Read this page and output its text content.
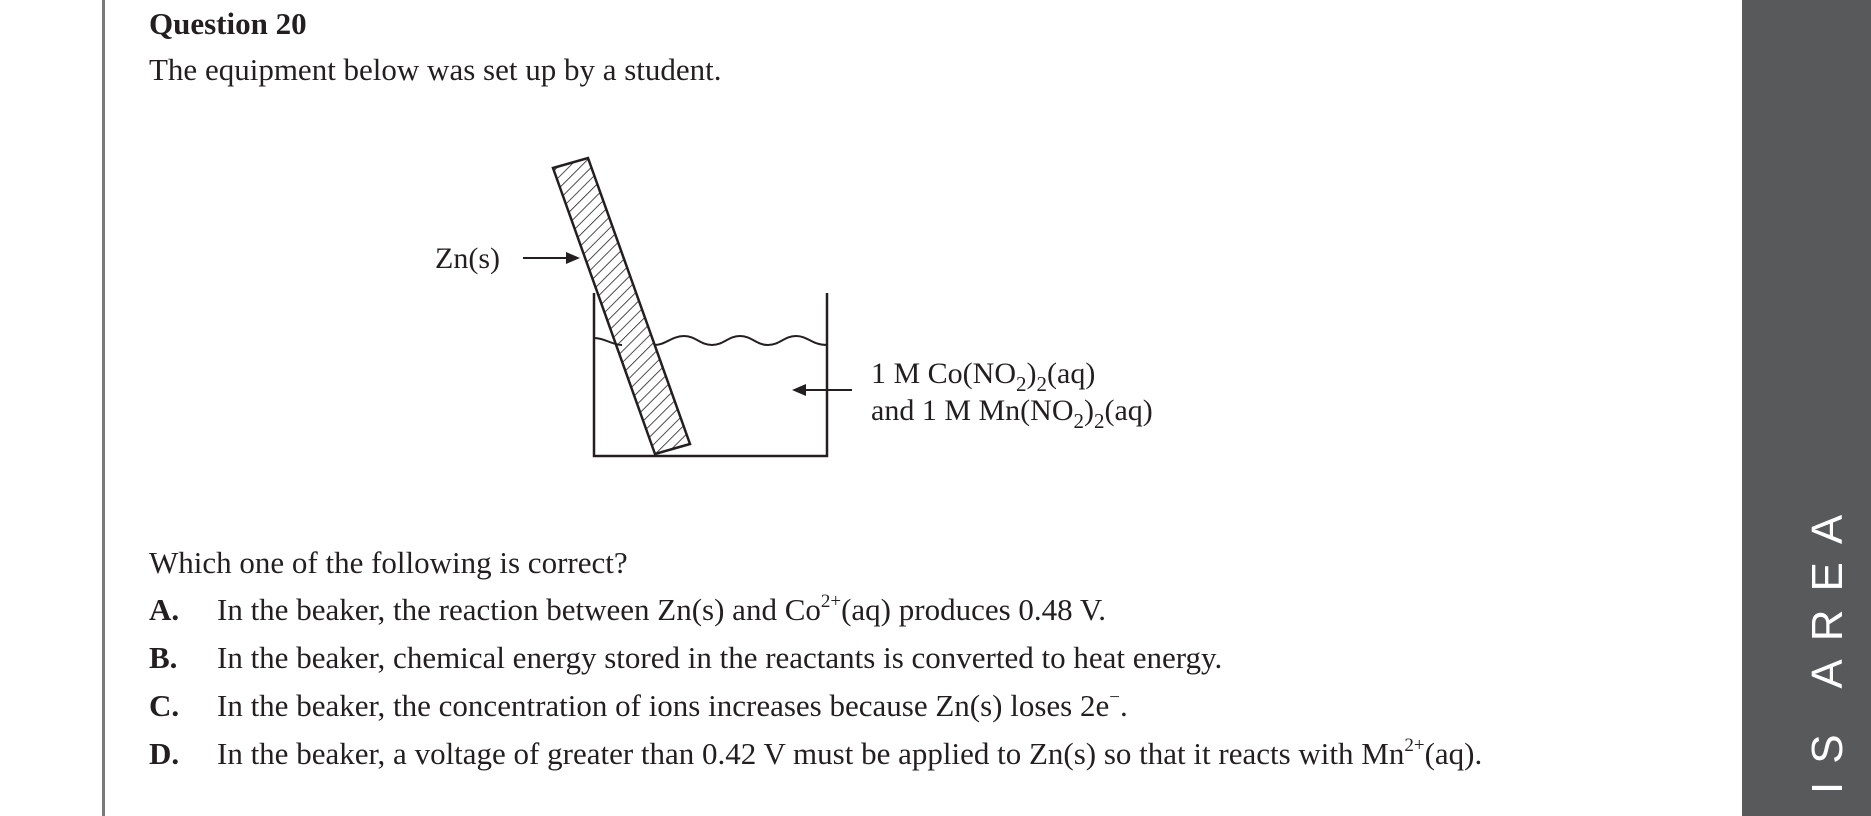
Question 20

The equipment below was set up by a student.

Zn(s)
1 M $Co(NO_2)_2(aq)$
and 1 M $Mn(NO_2)_2(aq)$

Which one of the following is correct?

A. In the beaker, the reaction between Zn(s) and $Co^{2+}(aq)$ produces 0.48 V.
B. In the beaker, chemical energy stored in the reactants is converted to heat energy.
C. In the beaker, the concentration of ions increases because Zn(s) loses 2e−.
D. In the beaker, a voltage of greater than 0.42 V must be applied to Zn(s) so that it reacts with $Mn^{2+}(aq)$.	IS AREA
